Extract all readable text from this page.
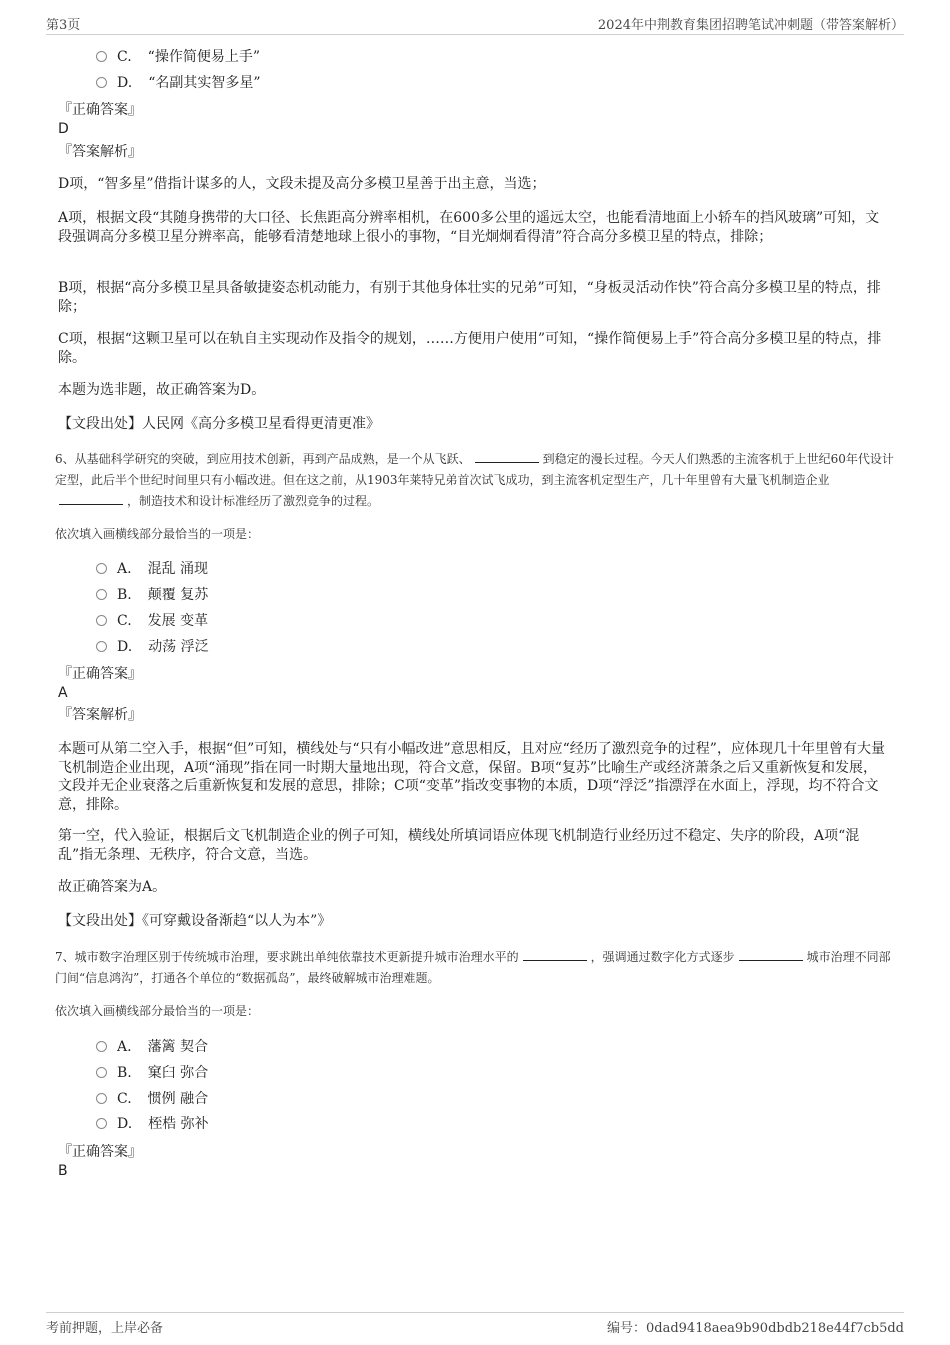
第3页	2024年中荆教育集团招聘笔试冲刺题（带答案解析）
C. “操作简便易上手”
D. “名副其实智多星”
『正确答案』
D
『答案解析』
D项，“智多星”借指计谋多的人，文段未提及高分多模卫星善于出主意，当选；
A项，根据文段“其随身携带的大口径、长焦距高分辨率相机，在600多公里的遥远太空，也能看清地面上小轿车的挡风玻璃”可知，文段强调高分多模卫星分辨率高，能够看清楚地球上很小的事物，“目光炯炯看得清”符合高分多模卫星的特点，排除；
B项，根据“高分多模卫星具备敏捷姿态机动能力，有别于其他身体壮实的兄弟”可知，“身板灵活动作快”符合高分多模卫星的特点，排除；
C项，根据“这颗卫星可以在轨自主实现动作及指令的规划，……方便用户使用”可知，“操作简便易上手”符合高分多模卫星的特点，排除。
本题为选非题，故正确答案为D。
【文段出处】人民网《高分多模卫星看得更清更准》
6、从基础科学研究的突破，到应用技术创新，再到产品成熟，是一个从飞跃、	到稳定的漫长过程。今天人们熟悉的主流客机于上世纪60年代设计定型，此后半个世纪时间里只有小幅改进。但在这之前，从1903年莱特兄弟首次试飞成功，到主流客机定型生产，几十年里曾有大量飞机制造企业，制造技术和设计标准经历了激烈竞争的过程。
依次填入画横线部分最恰当的一项是：
A. 混乱 涌现
B. 颠覆 复苏
C. 发展 变革
D. 动荡 浮泛
『正确答案』
A
『答案解析』
本题可从第二空入手，根据“但”可知，横线处与“只有小幅改进”意思相反，且对应“经历了激烈竞争的过程”，应体现几十年里曾有大量飞机制造企业出现，A项“涌现”指在同一时期大量地出现，符合文意，保留。B项“复苏”比喻生产或经济萧条之后又重新恢复和发展，文段并无企业衰落之后重新恢复和发展的意思，排除；C项“变革”指改变事物的本质，D项“浮泛”指漂浮在水面上，浮现，均不符合文意，排除。
第一空，代入验证，根据后文飞机制造企业的例子可知，横线处所填词语应体现飞机制造行业经历过不稳定、失序的阶段，A项“混乱”指无条理、无秩序，符合文意，当选。
故正确答案为A。
【文段出处】《可穿戴设备渐趋“以人为本”》
7、城市数字治理区别于传统城市治理，要求跳出单纯依靠技术更新提升城市治理水平的	，强调通过数字化方式逐步	城市治理不同部门间“信息鸿沟”，打通各个单位的“数据孤岛”，最终破解城市治理难题。
依次填入画横线部分最恰当的一项是：
A. 藩篱 契合
B. 窠臼 弥合
C. 惯例 融合
D. 桎梏 弥补
『正确答案』
B
考前押题，上岸必备	编号：0dad9418aea9b90dbdb218e44f7cb5dd
